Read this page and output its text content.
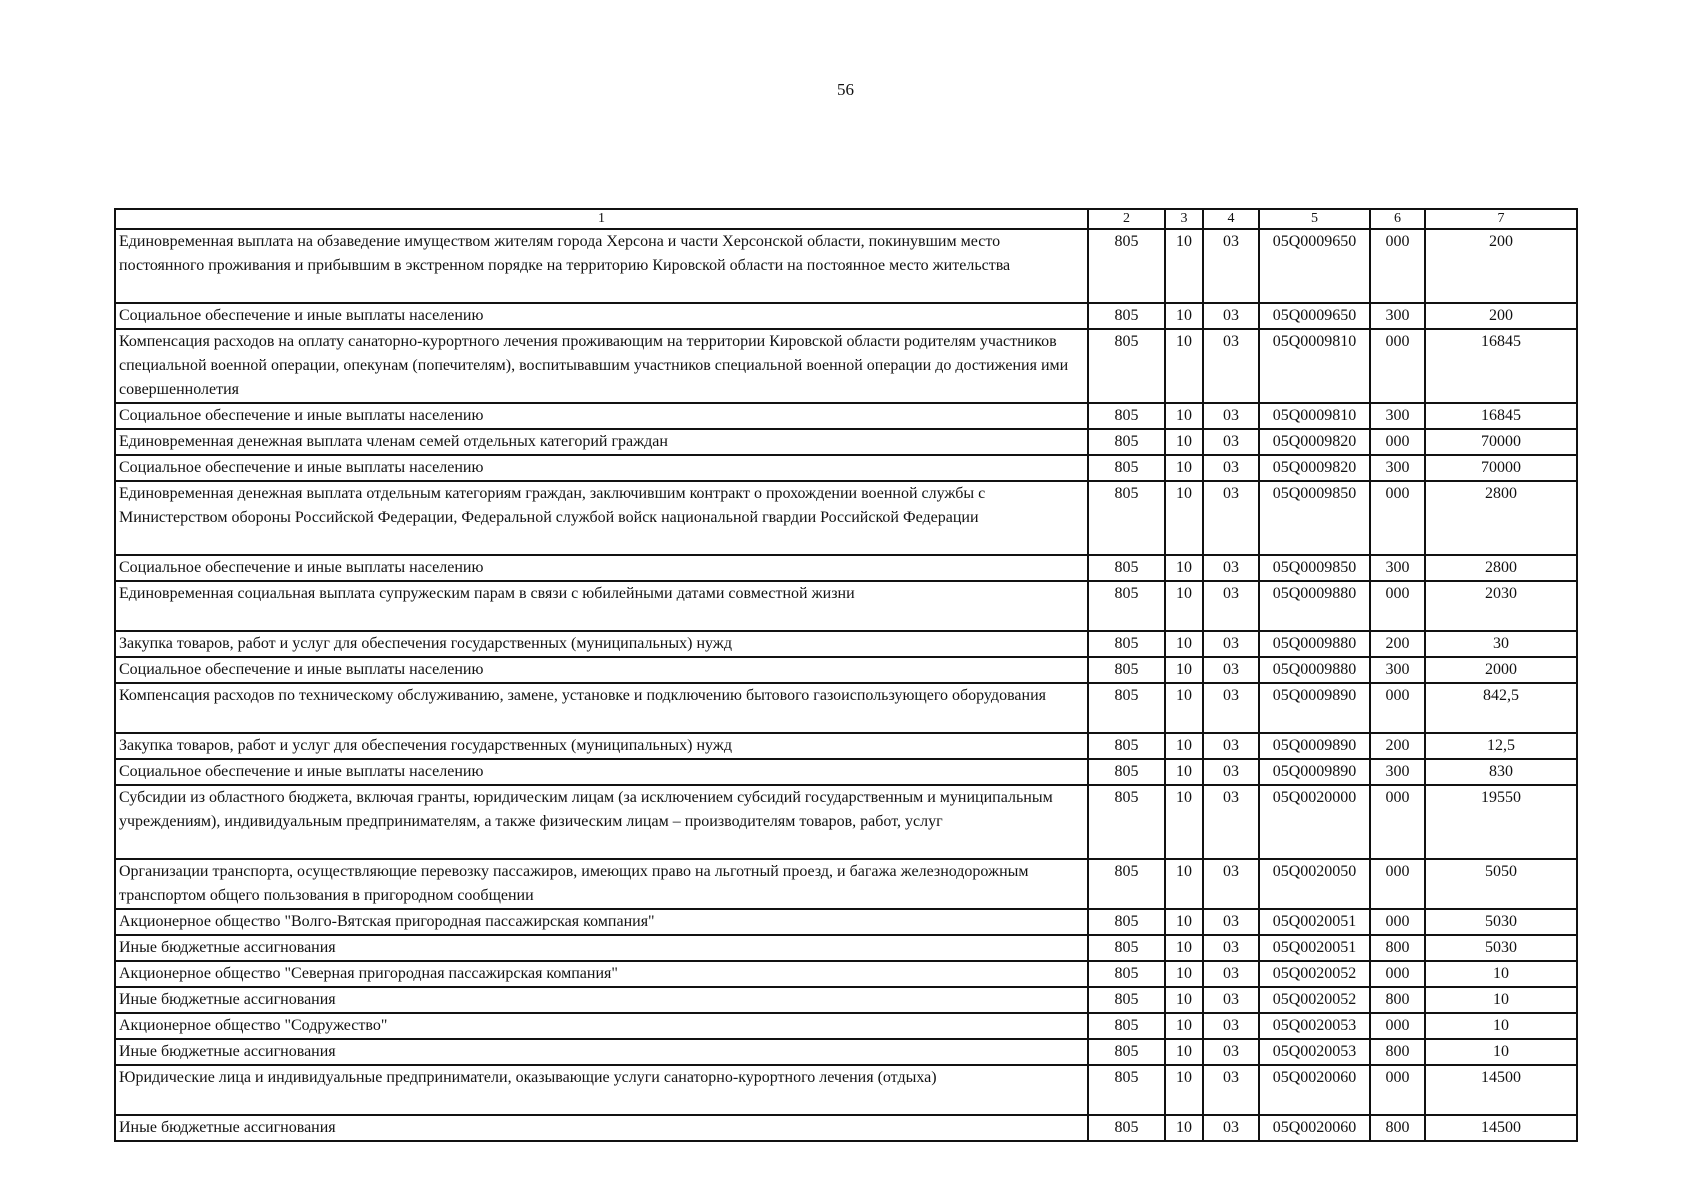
56
1	2	3	4	5	6	7
Единовременная выплата на обзаведение имуществом жителям города Херсона и части Херсонской области, покинувшим место постоянного проживания и прибывшим в экстренном порядке на территорию Кировской области на постоянное место жительства	805	10	03	05Q0009650	000	200
Социальное обеспечение и иные выплаты населению	805	10	03	05Q0009650	300	200
Компенсация расходов на оплату санаторно-курортного лечения проживающим на территории Кировской области родителям участников специальной военной операции, опекунам (попечителям), воспитывавшим участников специальной военной операции до достижения ими совершеннолетия	805	10	03	05Q0009810	000	16845
Социальное обеспечение и иные выплаты населению	805	10	03	05Q0009810	300	16845
Единовременная денежная выплата членам семей отдельных категорий граждан	805	10	03	05Q0009820	000	70000
Социальное обеспечение и иные выплаты населению	805	10	03	05Q0009820	300	70000
Единовременная денежная выплата отдельным категориям граждан, заключившим контракт о прохождении военной службы с Министерством обороны Российской Федерации, Федеральной службой войск национальной гвардии Российской Федерации	805	10	03	05Q0009850	000	2800
Социальное обеспечение и иные выплаты населению	805	10	03	05Q0009850	300	2800
Единовременная социальная выплата супружеским парам в связи с юбилейными датами совместной жизни	805	10	03	05Q0009880	000	2030
Закупка товаров, работ и услуг для обеспечения государственных (муниципальных) нужд	805	10	03	05Q0009880	200	30
Социальное обеспечение и иные выплаты населению	805	10	03	05Q0009880	300	2000
Компенсация расходов по техническому обслуживанию, замене, установке и подключению бытового газоиспользующего оборудования	805	10	03	05Q0009890	000	842,5
Закупка товаров, работ и услуг для обеспечения государственных (муниципальных) нужд	805	10	03	05Q0009890	200	12,5
Социальное обеспечение и иные выплаты населению	805	10	03	05Q0009890	300	830
Субсидии из областного бюджета, включая гранты, юридическим лицам (за исключением субсидий государственным и муниципальным учреждениям), индивидуальным предпринимателям, а также физическим лицам – производителям товаров, работ, услуг	805	10	03	05Q0020000	000	19550
Организации транспорта, осуществляющие перевозку пассажиров, имеющих право на льготный проезд, и багажа железнодорожным транспортом общего пользования в пригородном сообщении	805	10	03	05Q0020050	000	5050
Акционерное общество "Волго-Вятская пригородная пассажирская компания"	805	10	03	05Q0020051	000	5030
Иные бюджетные ассигнования	805	10	03	05Q0020051	800	5030
Акционерное общество "Северная пригородная пассажирская компания"	805	10	03	05Q0020052	000	10
Иные бюджетные ассигнования	805	10	03	05Q0020052	800	10
Акционерное общество "Содружество"	805	10	03	05Q0020053	000	10
Иные бюджетные ассигнования	805	10	03	05Q0020053	800	10
Юридические лица и индивидуальные предприниматели, оказывающие услуги санаторно-курортного лечения (отдыха)	805	10	03	05Q0020060	000	14500
Иные бюджетные ассигнования	805	10	03	05Q0020060	800	14500
